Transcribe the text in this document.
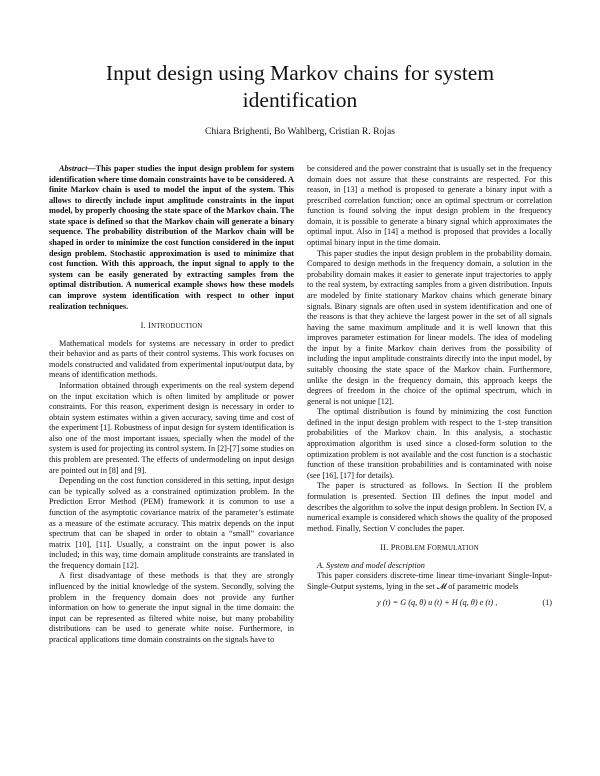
Input design using Markov chains for system
identification
Chiara Brighenti, Bo Wahlberg, Cristian R. Rojas

Abstract—This paper studies the input design problem for system identification where time domain constraints have to be considered. A finite Markov chain is used to model the input of the system. This allows to directly include input amplitude constraints in the input model, by properly choosing the state space of the Markov chain. The state space is defined so that the Markov chain will generate a binary sequence. The probability distribution of the Markov chain will be shaped in order to minimize the cost function considered in the input design problem. Stochastic approximation is used to minimize that cost function. With this approach, the input signal to apply to the system can be easily generated by extracting samples from the optimal distribution. A numerical example shows how these models can improve system identification with respect to other input realization techniques.

I. INTRODUCTION

Mathematical models for systems are necessary in order to predict their behavior and as parts of their control systems. This work focuses on models constructed and validated from experimental input/output data, by means of identification methods.

Information obtained through experiments on the real system depend on the input excitation which is often limited by amplitude or power constraints. For this reason, experiment design is necessary in order to obtain system estimates within a given accuracy, saving time and cost of the experiment [1]. Robustness of input design for system identification is also one of the most important issues, specially when the model of the system is used for projecting its control system. In [2]-[7] some studies on this problem are presented. The effects of undermodeling on input design are pointed out in [8] and [9].

Depending on the cost function considered in this setting, input design can be typically solved as a constrained optimization problem. In the Prediction Error Method (PEM) framework it is common to use a function of the asymptotic covariance matrix of the parameter’s estimate as a measure of the estimate accuracy. This matrix depends on the input spectrum that can be shaped in order to obtain a “small” covariance matrix [10], [11]. Usually, a constraint on the input power is also included; in this way, time domain amplitude constraints are translated in the frequency domain [12].

A first disadvantage of these methods is that they are strongly influenced by the initial knowledge of the system. Secondly, solving the problem in the frequency domain does not provide any further information on how to generate the input signal in the time domain: the input can be represented as filtered white noise, but many probability distributions can be used to generate white noise. Furthermore, in practical applications time domain constraints on the signals have to

be considered and the power constraint that is usually set in the frequency domain does not assure that these constraints are respected. For this reason, in [13] a method is proposed to generate a binary input with a prescribed correlation function; once an optimal spectrum or correlation function is found solving the input design problem in the frequency domain, it is possible to generate a binary signal which approximates the optimal input. Also in [14] a method is proposed that provides a locally optimal binary input in the time domain.

This paper studies the input design problem in the probability domain. Compared to design methods in the frequency domain, a solution in the probability domain makes it easier to generate input trajectories to apply to the real system, by extracting samples from a given distribution. Inputs are modeled by finite stationary Markov chains which generate binary signals. Binary signals are often used in system identification and one of the reasons is that they achieve the largest power in the set of all signals having the same maximum amplitude and it is well known that this improves parameter estimation for linear models. The idea of modeling the input by a finite Markov chain derives from the possibility of including the input amplitude constraints directly into the input model, by suitably choosing the state space of the Markov chain. Furthermore, unlike the design in the frequency domain, this approach keeps the degrees of freedom in the choice of the optimal spectrum, which in general is not unique [12].

The optimal distribution is found by minimizing the cost function defined in the input design problem with respect to the 1-step transition probabilities of the Markov chain. In this analysis, a stochastic approximation algorithm is used since a closed-form solution to the optimization problem is not available and the cost function is a stochastic function of these transition probabilities and is contaminated with noise (see [16], [17] for details).

The paper is structured as follows. In Section II the problem formulation is presented. Section III defines the input model and describes the algorithm to solve the input design problem. In Section IV, a numerical example is considered which shows the quality of the proposed method. Finally, Section V concludes the paper.

II. PROBLEM FORMULATION

A. System and model description

This paper considers discrete-time linear time-invariant Single-Input-Single-Output systems, lying in the set 𝓜 of parametric models

y (t) = G (q, θ) u (t) + H (q, θ) e (t) ,	(1)
